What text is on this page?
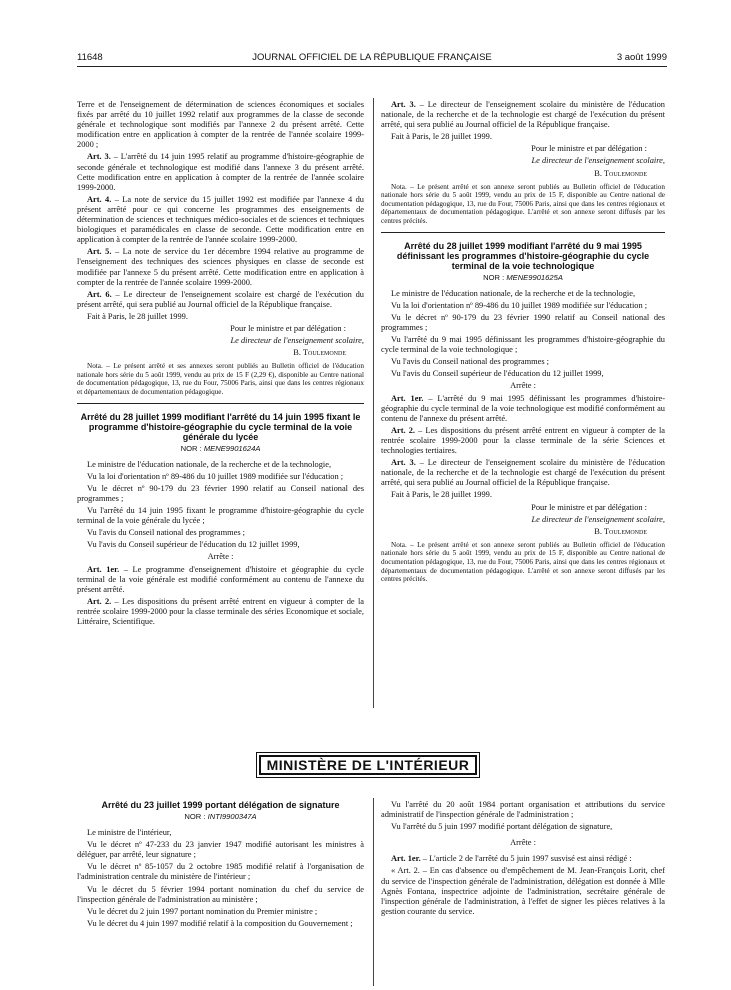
11648	JOURNAL OFFICIEL DE LA RÉPUBLIQUE FRANÇAISE	3 août 1999

Terre et de l'enseignement de détermination de sciences économiques et sociales fixés par arrêté du 10 juillet 1992 relatif aux programmes de la classe de seconde générale et technologique sont modifiés par l'annexe 2 du présent arrêté. Cette modification entre en application à compter de la rentrée de l'année scolaire 1999-2000 ;

Art. 3. – L'arrêté du 14 juin 1995 relatif au programme d'histoire-géographie de seconde générale et technologique est modifié dans l'annexe 3 du présent arrêté. Cette modification entre en application à compter de la rentrée de l'année scolaire 1999-2000.

Art. 4. – La note de service du 15 juillet 1992 est modifiée par l'annexe 4 du présent arrêté pour ce qui concerne les programmes des enseignements de détermination de sciences et techniques médico-sociales et de sciences et techniques biologiques et paramédicales en classe de seconde. Cette modification entre en application à compter de la rentrée de l'année scolaire 1999-2000.

Art. 5. – La note de service du 1er décembre 1994 relative au programme de l'enseignement des techniques des sciences physiques en classe de seconde est modifiée par l'annexe 5 du présent arrêté. Cette modification entre en application à compter de la rentrée de l'année scolaire 1999-2000.

Art. 6. – Le directeur de l'enseignement scolaire est chargé de l'exécution du présent arrêté, qui sera publié au Journal officiel de la République française.

Fait à Paris, le 28 juillet 1999.

Pour le ministre et par délégation :

Le directeur de l'enseignement scolaire,

B. Toulemonde

Nota. – Le présent arrêté et ses annexes seront publiés au Bulletin officiel de l'éducation nationale hors série du 5 août 1999, vendu au prix de 15 F (2,29 €), disponible au Centre national de documentation pédagogique, 13, rue du Four, 75006 Paris, ainsi que dans les centres régionaux et départementaux de documentation pédagogique.

Arrêté du 28 juillet 1999 modifiant l'arrêté du 14 juin 1995 fixant le programme d'histoire-géographie du cycle terminal de la voie générale du lycée

NOR : MENE9901624A

Le ministre de l'éducation nationale, de la recherche et de la technologie,

Vu la loi d'orientation nº 89-486 du 10 juillet 1989 modifiée sur l'éducation ;

Vu le décret nº 90-179 du 23 février 1990 relatif au Conseil national des programmes ;

Vu l'arrêté du 14 juin 1995 fixant le programme d'histoire-géographie du cycle terminal de la voie générale du lycée ;

Vu l'avis du Conseil national des programmes ;

Vu l'avis du Conseil supérieur de l'éducation du 12 juillet 1999,

Arrête :

Art. 1er. – Le programme d'enseignement d'histoire et géographie du cycle terminal de la voie générale est modifié conformément au contenu de l'annexe du présent arrêté.

Art. 2. – Les dispositions du présent arrêté entrent en vigueur à compter de la rentrée scolaire 1999-2000 pour la classe terminale des séries Economique et sociale, Littéraire, Scientifique.

Art. 3. – Le directeur de l'enseignement scolaire du ministère de l'éducation nationale, de la recherche et de la technologie est chargé de l'exécution du présent arrêté, qui sera publié au Journal officiel de la République française.

Fait à Paris, le 28 juillet 1999.

Pour le ministre et par délégation :

Le directeur de l'enseignement scolaire,

B. Toulemonde

Nota. – Le présent arrêté et son annexe seront publiés au Bulletin officiel de l'éducation nationale hors série du 5 août 1999, vendu au prix de 15 F, disponible au Centre national de documentation pédagogique, 13, rue du Four, 75006 Paris, ainsi que dans les centres régionaux et départementaux de documentation pédagogique. L'arrêté et son annexe seront diffusés par les centres précités.

Arrêté du 28 juillet 1999 modifiant l'arrêté du 9 mai 1995 définissant les programmes d'histoire-géographie du cycle terminal de la voie technologique

NOR : MENE9901625A

Le ministre de l'éducation nationale, de la recherche et de la technologie,

Vu la loi d'orientation nº 89-486 du 10 juillet 1989 modifiée sur l'éducation ;

Vu le décret nº 90-179 du 23 février 1990 relatif au Conseil national des programmes ;

Vu l'arrêté du 9 mai 1995 définissant les programmes d'histoire-géographie du cycle terminal de la voie technologique ;

Vu l'avis du Conseil national des programmes ;

Vu l'avis du Conseil supérieur de l'éducation du 12 juillet 1999,

Arrête :

Art. 1er. – L'arrêté du 9 mai 1995 définissant les programmes d'histoire-géographie du cycle terminal de la voie technologique est modifié conformément au contenu de l'annexe du présent arrêté.

Art. 2. – Les dispositions du présent arrêté entrent en vigueur à compter de la rentrée scolaire 1999-2000 pour la classe terminale de la série Sciences et technologies tertiaires.

Art. 3. – Le directeur de l'enseignement scolaire du ministère de l'éducation nationale, de la recherche et de la technologie est chargé de l'exécution du présent arrêté, qui sera publié au Journal officiel de la République française.

Fait à Paris, le 28 juillet 1999.

Pour le ministre et par délégation :

Le directeur de l'enseignement scolaire,

B. Toulemonde

Nota. – Le présent arrêté et son annexe seront publiés au Bulletin officiel de l'éducation nationale hors série du 5 août 1999, vendu au prix de 15 F, disponible au Centre national de documentation pédagogique, 13, rue du Four, 75006 Paris, ainsi que dans les centres régionaux et départementaux de documentation pédagogique. L'arrêté et son annexe seront diffusés par les centres précités.

MINISTÈRE DE L'INTÉRIEUR

Arrêté du 23 juillet 1999 portant délégation de signature

NOR : INTI9900347A

Le ministre de l'intérieur,

Vu le décret nº 47-233 du 23 janvier 1947 modifié autorisant les ministres à déléguer, par arrêté, leur signature ;

Vu le décret nº 85-1057 du 2 octobre 1985 modifié relatif à l'organisation de l'administration centrale du ministère de l'intérieur ;

Vu le décret du 5 février 1994 portant nomination du chef du service de l'inspection générale de l'administration au ministère ;

Vu le décret du 2 juin 1997 portant nomination du Premier ministre ;

Vu le décret du 4 juin 1997 modifié relatif à la composition du Gouvernement ;

Vu l'arrêté du 20 août 1984 portant organisation et attributions du service administratif de l'inspection générale de l'administration ;

Vu l'arrêté du 5 juin 1997 modifié portant délégation de signature,

Arrête :

Art. 1er. – L'article 2 de l'arrêté du 5 juin 1997 susvisé est ainsi rédigé :

« Art. 2. – En cas d'absence ou d'empêchement de M. Jean-François Lorit, chef du service de l'inspection générale de l'administration, délégation est donnée à Mlle Agnès Fontana, inspectrice adjointe de l'administration, secrétaire générale de l'inspection générale de l'administration, à l'effet de signer les pièces relatives à la gestion courante du service.
